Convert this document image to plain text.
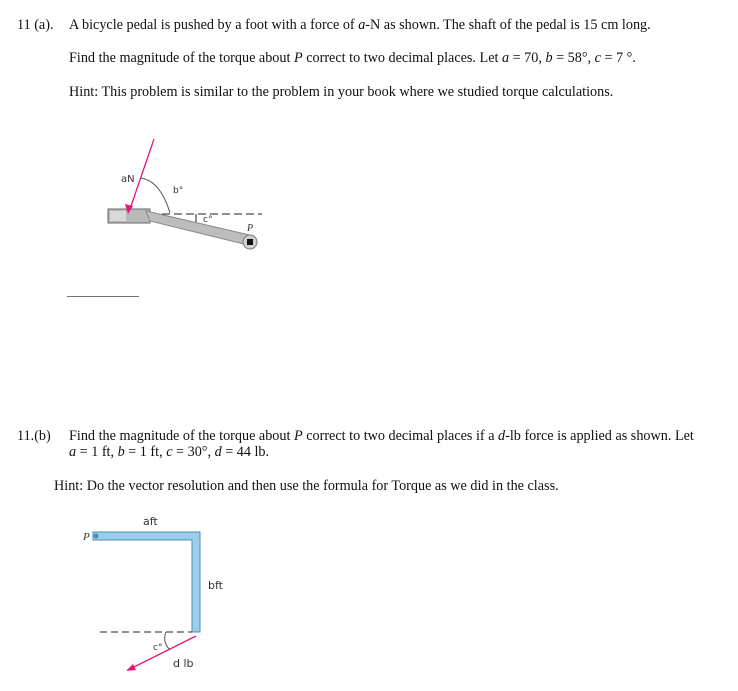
11 (a). A bicycle pedal is pushed by a foot with a force of a-N as shown. The shaft of the pedal is 15 cm long.
Find the magnitude of the torque about P correct to two decimal places. Let a = 70, b = 58°, c = 7 °.
Hint: This problem is similar to the problem in your book where we studied torque calculations.
aN
b°
c°
P
aft
bft
P
c°
d lb
____________
11.(b) Find the magnitude of the torque about P correct to two decimal places if a d-lb force is applied as shown. Let
a = 1 ft, b = 1 ft, c = 30°, d = 44 lb.
Hint: Do the vector resolution and then use the formula for Torque as we did in the class.
